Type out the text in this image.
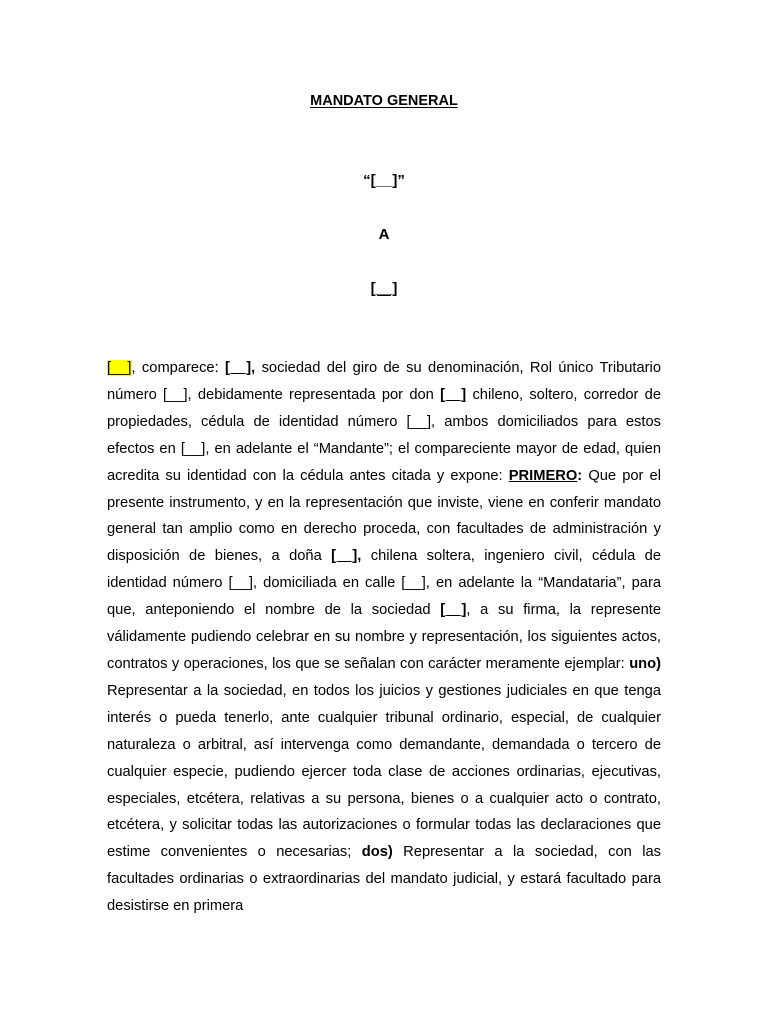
MANDATO GENERAL
“[__]”
A
[__]

[__], comparece: [__], sociedad del giro de su denominación, Rol único Tributario número [__], debidamente representada por don [__] chileno, soltero, corredor de propiedades, cédula de identidad número [__], ambos domiciliados para estos efectos en [__], en adelante el “Mandante”; el compareciente mayor de edad, quien acredita su identidad con la cédula antes citada y expone: PRIMERO: Que por el presente instrumento, y en la representación que inviste, viene en conferir mandato general tan amplio como en derecho proceda, con facultades de administración y disposición de bienes, a doña [__], chilena soltera, ingeniero civil, cédula de identidad número [__], domiciliada en calle [__], en adelante la “Mandataria”, para que, anteponiendo el nombre de la sociedad [__], a su firma, la represente válidamente pudiendo celebrar en su nombre y representación, los siguientes actos, contratos y operaciones, los que se señalan con carácter meramente ejemplar: uno) Representar a la sociedad, en todos los juicios y gestiones judiciales en que tenga interés o pueda tenerlo, ante cualquier tribunal ordinario, especial, de cualquier naturaleza o arbitral, así intervenga como demandante, demandada o tercero de cualquier especie, pudiendo ejercer toda clase de acciones ordinarias, ejecutivas, especiales, etcétera, relativas a su persona, bienes o a cualquier acto o contrato, etcétera, y solicitar todas las autorizaciones o formular todas las declaraciones que estime convenientes o necesarias; dos) Representar a la sociedad, con las facultades ordinarias o extraordinarias del mandato judicial, y estará facultado para desistirse en primera
